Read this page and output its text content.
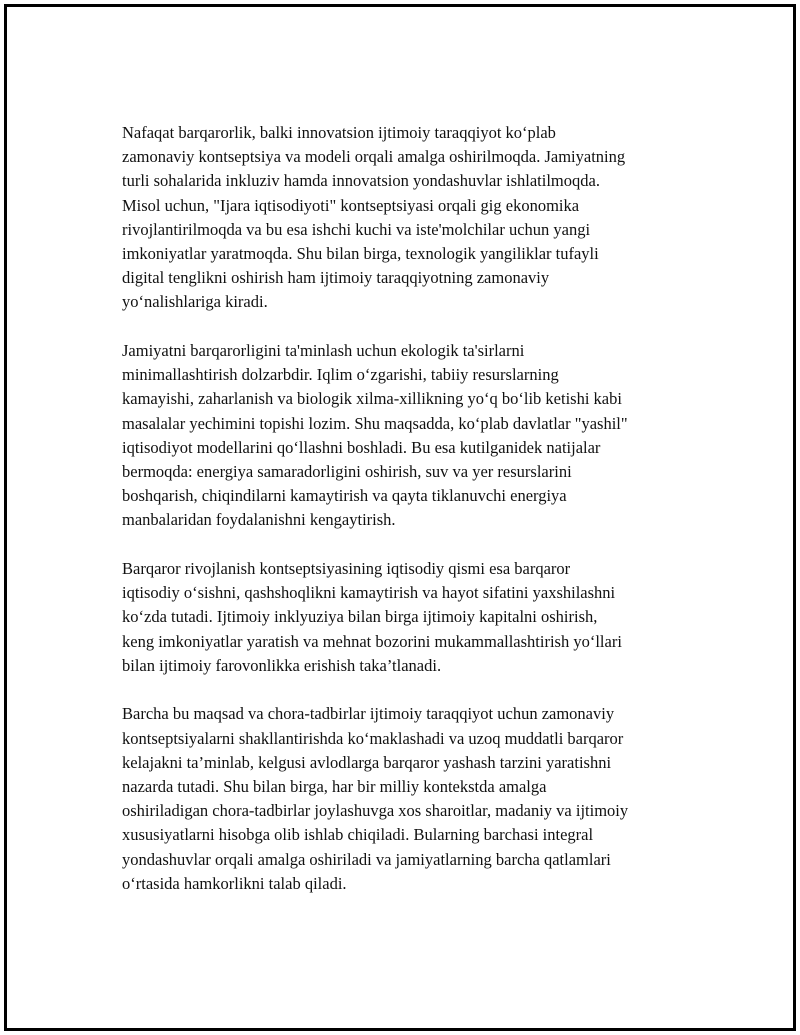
Nafaqat barqarorlik, balki innovatsion ijtimoiy taraqqiyot ko‘plab
zamonaviy kontseptsiya va modeli orqali amalga oshirilmoqda. Jamiyatning
turli sohalarida inkluziv hamda innovatsion yondashuvlar ishlatilmoqda.
Misol uchun, "Ijara iqtisodiyoti" kontseptsiyasi orqali gig ekonomika
rivojlantirilmoqda va bu esa ishchi kuchi va iste'molchilar uchun yangi
imkoniyatlar yaratmoqda. Shu bilan birga, texnologik yangiliklar tufayli
digital tenglikni oshirish ham ijtimoiy taraqqiyotning zamonaviy
yo‘nalishlariga kiradi.

Jamiyatni barqarorligini ta'minlash uchun ekologik ta'sirlarni
minimallashtirish dolzarbdir. Iqlim o‘zgarishi, tabiiy resurslarning
kamayishi, zaharlanish va biologik xilma-xillikning yo‘q bo‘lib ketishi kabi
masalalar yechimini topishi lozim. Shu maqsadda, ko‘plab davlatlar "yashil"
iqtisodiyot modellarini qo‘llashni boshladi. Bu esa kutilganidek natijalar
bermoqda: energiya samaradorligini oshirish, suv va yer resurslarini
boshqarish, chiqindilarni kamaytirish va qayta tiklanuvchi energiya
manbalaridan foydalanishni kengaytirish.

Barqaror rivojlanish kontseptsiyasining iqtisodiy qismi esa barqaror
iqtisodiy o‘sishni, qashshoqlikni kamaytirish va hayot sifatini yaxshilashni
ko‘zda tutadi. Ijtimoiy inklyuziya bilan birga ijtimoiy kapitalni oshirish,
keng imkoniyatlar yaratish va mehnat bozorini mukammallashtirish yo‘llari
bilan ijtimoiy farovonlikka erishish taka’tlanadi.

Barcha bu maqsad va chora-tadbirlar ijtimoiy taraqqiyot uchun zamonaviy
kontseptsiyalarni shakllantirishda ko‘maklashadi va uzoq muddatli barqaror
kelajakni ta’minlab, kelgusi avlodlarga barqaror yashash tarzini yaratishni
nazarda tutadi. Shu bilan birga, har bir milliy kontekstda amalga
oshiriladigan chora-tadbirlar joylashuvga xos sharoitlar, madaniy va ijtimoiy
xususiyatlarni hisobga olib ishlab chiqiladi. Bularning barchasi integral
yondashuvlar orqali amalga oshiriladi va jamiyatlarning barcha qatlamlari
o‘rtasida hamkorlikni talab qiladi.
